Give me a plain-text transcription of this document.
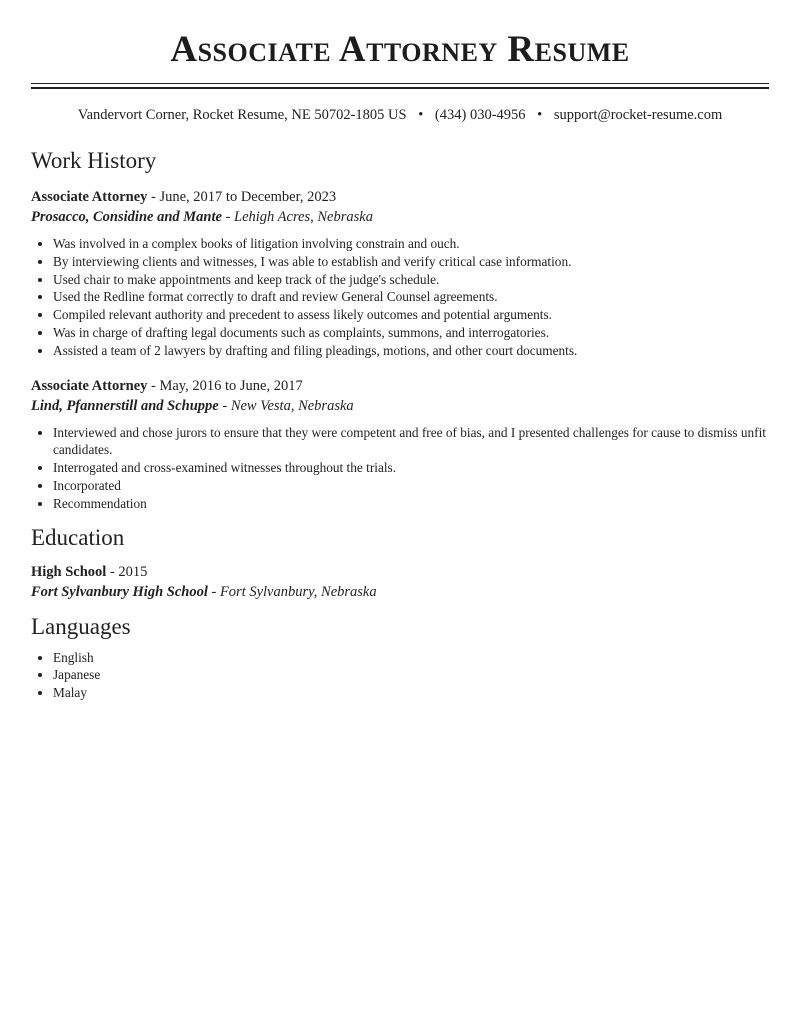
Associate Attorney Resume
Vandervort Corner, Rocket Resume, NE 50702-1805 US • (434) 030-4956 • support@rocket-resume.com
Work History
Associate Attorney - June, 2017 to December, 2023
Prosacco, Considine and Mante - Lehigh Acres, Nebraska
• Was involved in a complex books of litigation involving constrain and ouch.
• By interviewing clients and witnesses, I was able to establish and verify critical case information.
• Used chair to make appointments and keep track of the judge's schedule.
• Used the Redline format correctly to draft and review General Counsel agreements.
• Compiled relevant authority and precedent to assess likely outcomes and potential arguments.
• Was in charge of drafting legal documents such as complaints, summons, and interrogatories.
• Assisted a team of 2 lawyers by drafting and filing pleadings, motions, and other court documents.
Associate Attorney - May, 2016 to June, 2017
Lind, Pfannerstill and Schuppe - New Vesta, Nebraska
• Interviewed and chose jurors to ensure that they were competent and free of bias, and I presented challenges for cause to dismiss unfit candidates.
• Interrogated and cross-examined witnesses throughout the trials.
• Incorporated
• Recommendation
Education
High School - 2015
Fort Sylvanbury High School - Fort Sylvanbury, Nebraska
Languages
• English
• Japanese
• Malay
